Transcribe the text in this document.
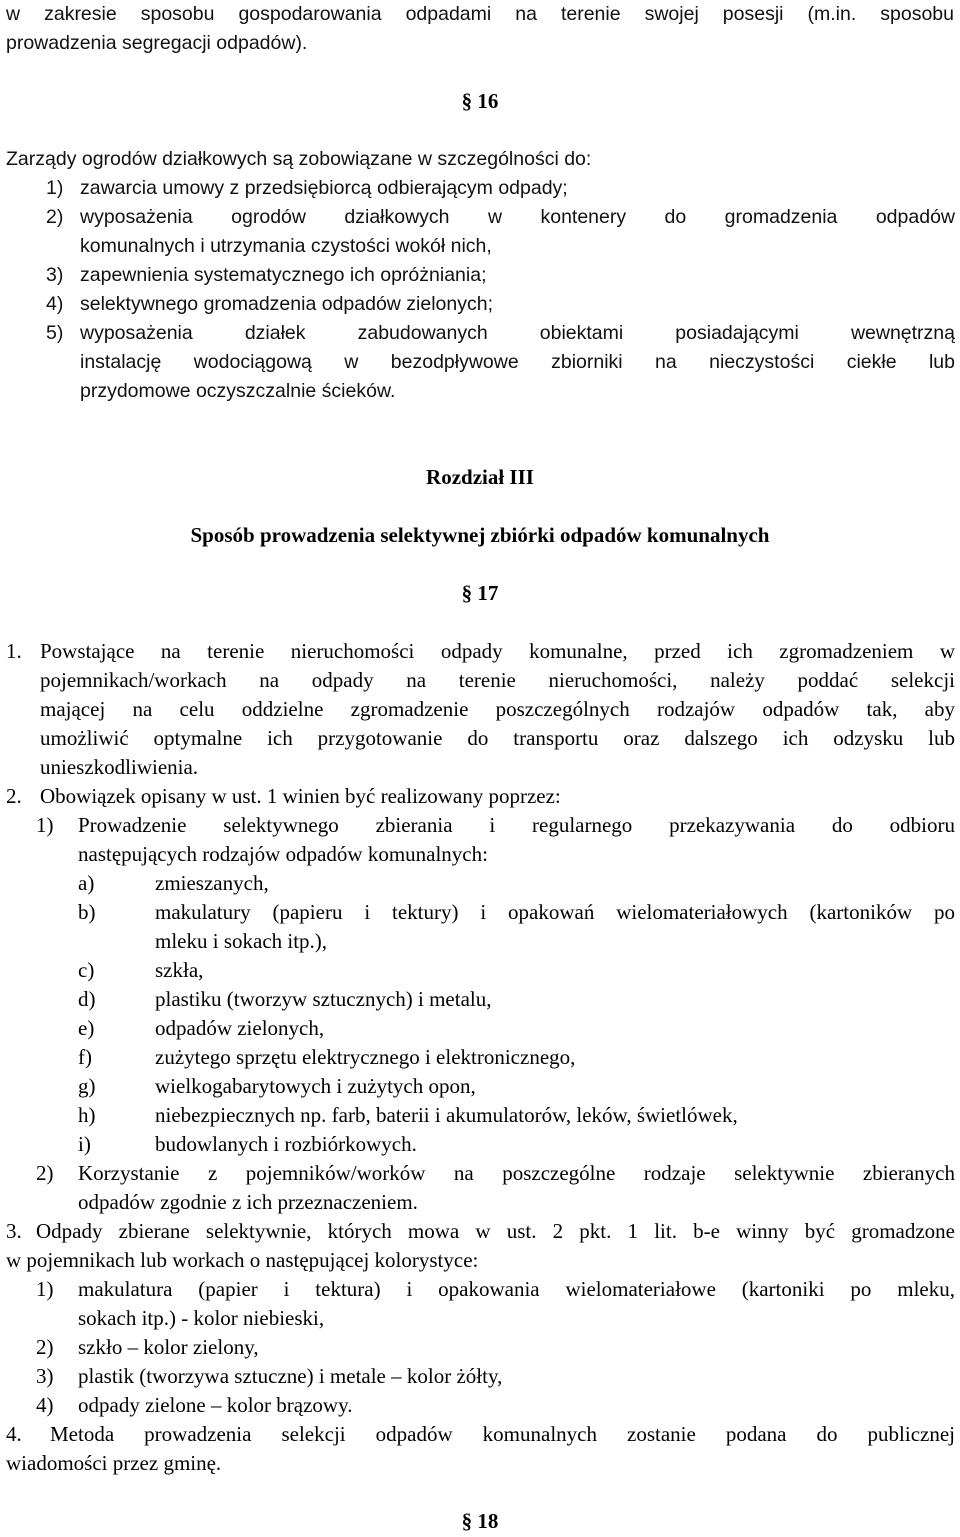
w zakresie sposobu gospodarowania odpadami na terenie swojej posesji (m.in. sposobu
prowadzenia segregacji odpadów).
§ 16
Zarządy ogrodów działkowych są zobowiązane w szczególności do:
1) zawarcia umowy z przedsiębiorcą odbierającym odpady;
2) wyposażenia ogrodów działkowych w kontenery do gromadzenia odpadów
komunalnych i utrzymania czystości wokół nich,
3) zapewnienia systematycznego ich opróżniania;
4) selektywnego gromadzenia odpadów zielonych;
5) wyposażenia działek zabudowanych obiektami posiadającymi wewnętrzną
instalację wodociągową w bezodpływowe zbiorniki na nieczystości ciekłe lub
przydomowe oczyszczalnie ścieków.
Rozdział III
Sposób prowadzenia selektywnej zbiórki odpadów komunalnych
§ 17
1. Powstające na terenie nieruchomości odpady komunalne, przed ich zgromadzeniem w
pojemnikach/workach na odpady na terenie nieruchomości, należy poddać selekcji
mającej na celu oddzielne zgromadzenie poszczególnych rodzajów odpadów tak, aby
umożliwić optymalne ich przygotowanie do transportu oraz dalszego ich odzysku lub
unieszkodliwienia.
2. Obowiązek opisany w ust. 1 winien być realizowany poprzez:
1) Prowadzenie selektywnego zbierania i regularnego przekazywania do odbioru
następujących rodzajów odpadów komunalnych:
a)	zmieszanych,
b)	makulatury (papieru i tektury) i opakowań wielomateriałowych (kartoników po
mleku i sokach itp.),
c)	szkła,
d)	plastiku (tworzyw sztucznych) i metalu,
e)	odpadów zielonych,
f)	zużytego sprzętu elektrycznego i elektronicznego,
g)	wielkogabarytowych i zużytych opon,
h)	niebezpiecznych np. farb, baterii i akumulatorów, leków, świetlówek,
i)	budowlanych i rozbiórkowych.
2) Korzystanie z pojemników/worków na poszczególne rodzaje selektywnie zbieranych
odpadów zgodnie z ich przeznaczeniem.
3. Odpady zbierane selektywnie, których mowa w ust. 2 pkt. 1 lit. b-e winny być gromadzone
w pojemnikach lub workach o następującej kolorystyce:
1) makulatura (papier i tektura) i opakowania wielomateriałowe (kartoniki po mleku,
sokach itp.) - kolor niebieski,
2) szkło – kolor zielony,
3) plastik (tworzywa sztuczne) i metale – kolor żółty,
4) odpady zielone – kolor brązowy.
4. Metoda prowadzenia selekcji odpadów komunalnych zostanie podana do publicznej
wiadomości przez gminę.
§ 18
